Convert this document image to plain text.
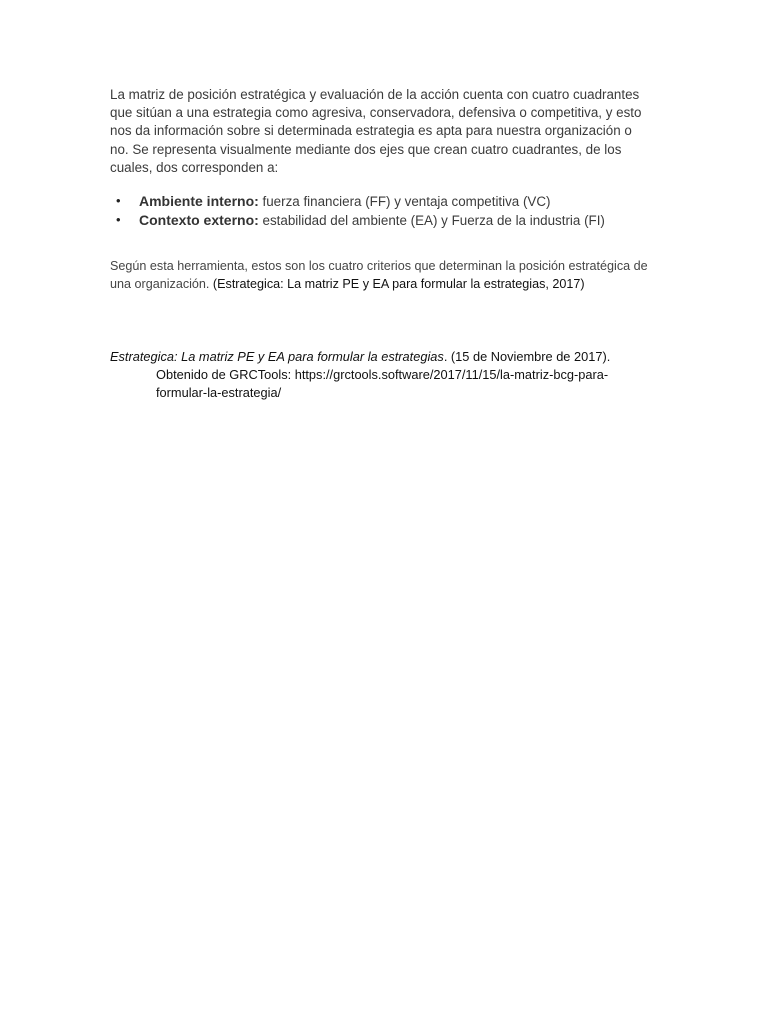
La matriz de posición estratégica y evaluación de la acción cuenta con cuatro cuadrantes que sitúan a una estrategia como agresiva, conservadora, defensiva o competitiva, y esto nos da información sobre si determinada estrategia es apta para nuestra organización o no. Se representa visualmente mediante dos ejes que crean cuatro cuadrantes, de los cuales, dos corresponden a:

• Ambiente interno: fuerza financiera (FF) y ventaja competitiva (VC)
• Contexto externo: estabilidad del ambiente (EA) y Fuerza de la industria (FI)

Según esta herramienta, estos son los cuatro criterios que determinan la posición estratégica de una organización. (Estrategica: La matriz PE y EA para formular la estrategias, 2017)

Estrategica: La matriz PE y EA para formular la estrategias. (15 de Noviembre de 2017). Obtenido de GRCTools: https://grctools.software/2017/11/15/la-matriz-bcg-para-formular-la-estrategia/
